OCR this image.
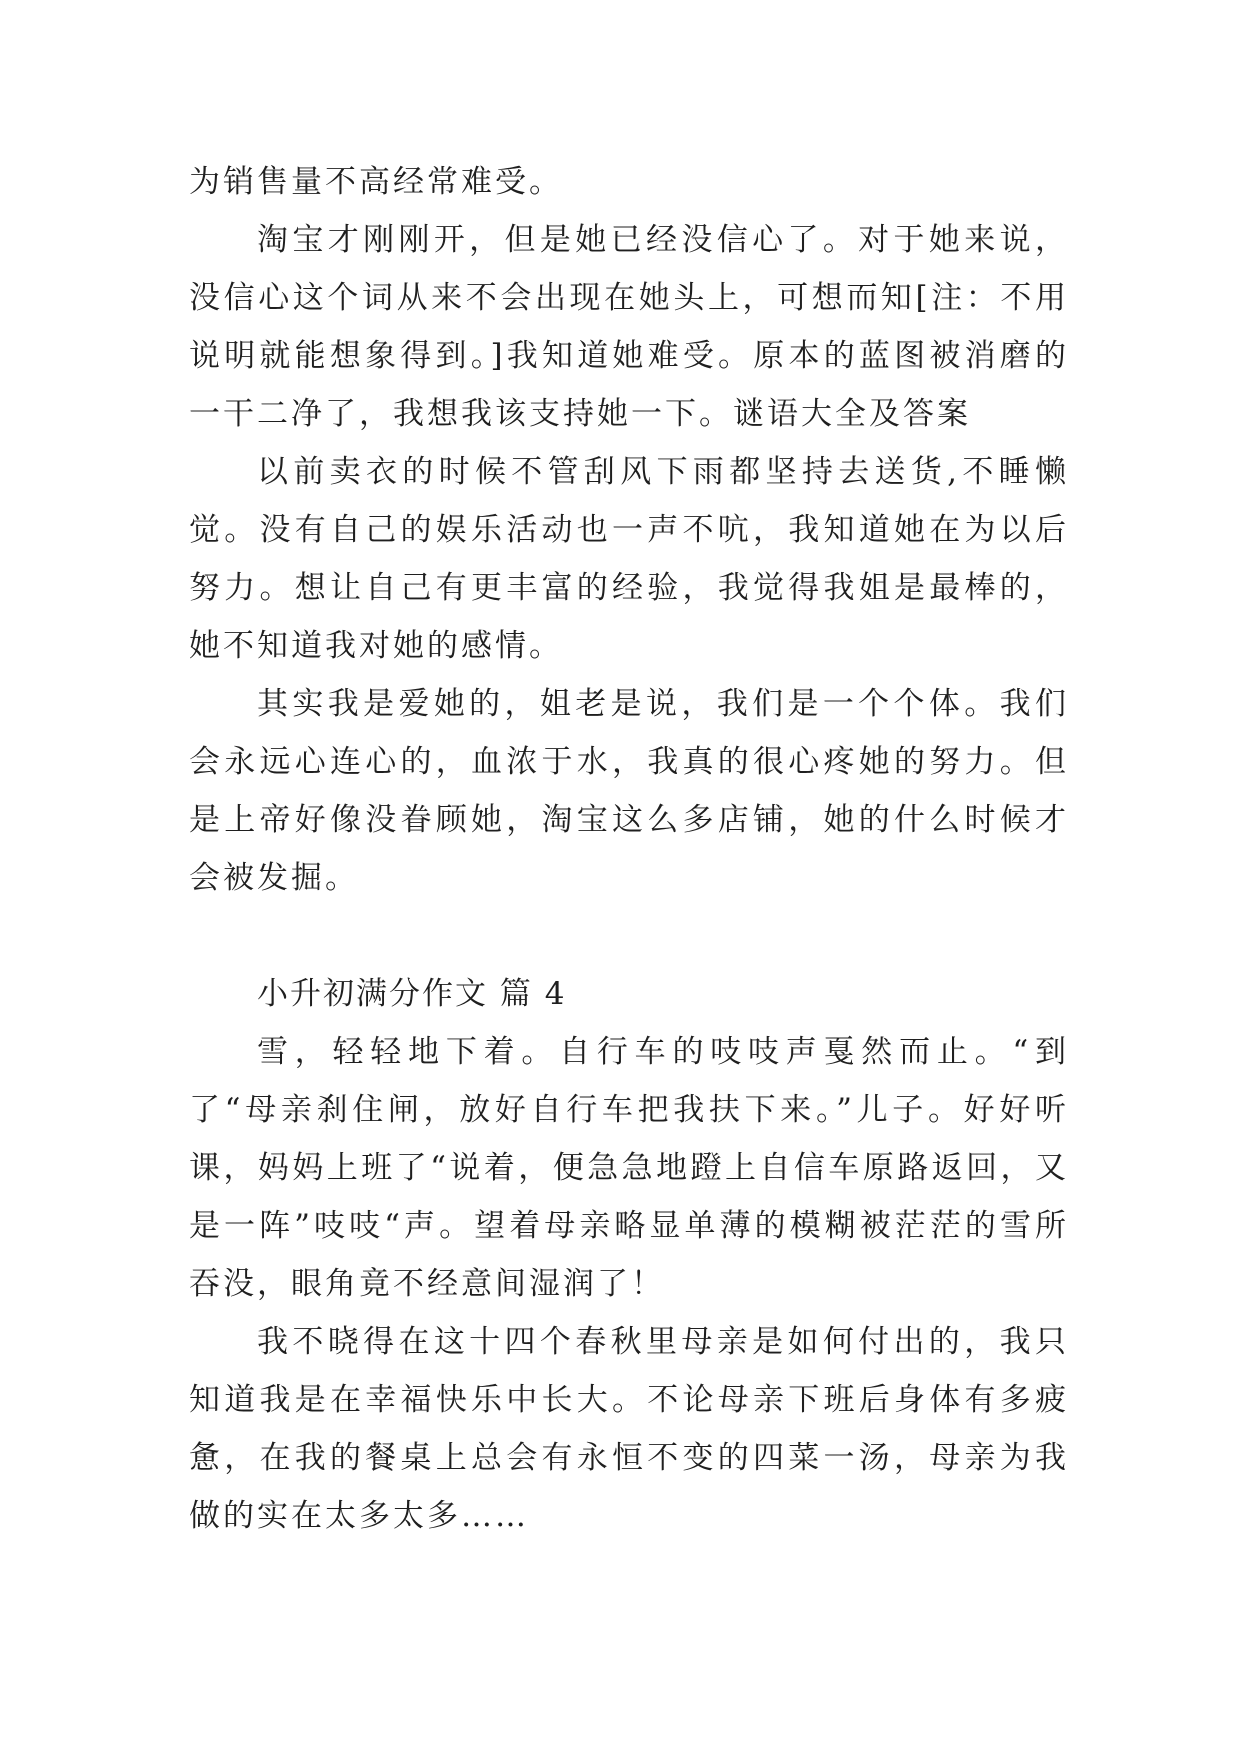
为销售量不高经常难受。

淘宝才刚刚开，但是她已经没信心了。对于她来说，没信心这个词从来不会出现在她头上，可想而知[注：不用说明就能想象得到。]我知道她难受。原本的蓝图被消磨的一干二净了，我想我该支持她一下。谜语大全及答案

以前卖衣的时候不管刮风下雨都坚持去送货,不睡懒觉。没有自己的娱乐活动也一声不吭，我知道她在为以后努力。想让自己有更丰富的经验，我觉得我姐是最棒的，她不知道我对她的感情。

其实我是爱她的，姐老是说，我们是一个个体。我们会永远心连心的，血浓于水，我真的很心疼她的努力。但是上帝好像没眷顾她，淘宝这么多店铺，她的什么时候才会被发掘。

小升初满分作文 篇 4

雪，轻轻地下着。自行车的吱吱声戛然而止。“到了“母亲刹住闸，放好自行车把我扶下来。”儿子。好好听课，妈妈上班了“说着，便急急地蹬上自信车原路返回，又是一阵”吱吱“声。望着母亲略显单薄的模糊被茫茫的雪所吞没，眼角竟不经意间湿润了！

我不晓得在这十四个春秋里母亲是如何付出的，我只知道我是在幸福快乐中长大。不论母亲下班后身体有多疲惫，在我的餐桌上总会有永恒不变的四菜一汤，母亲为我做的实在太多太多……
